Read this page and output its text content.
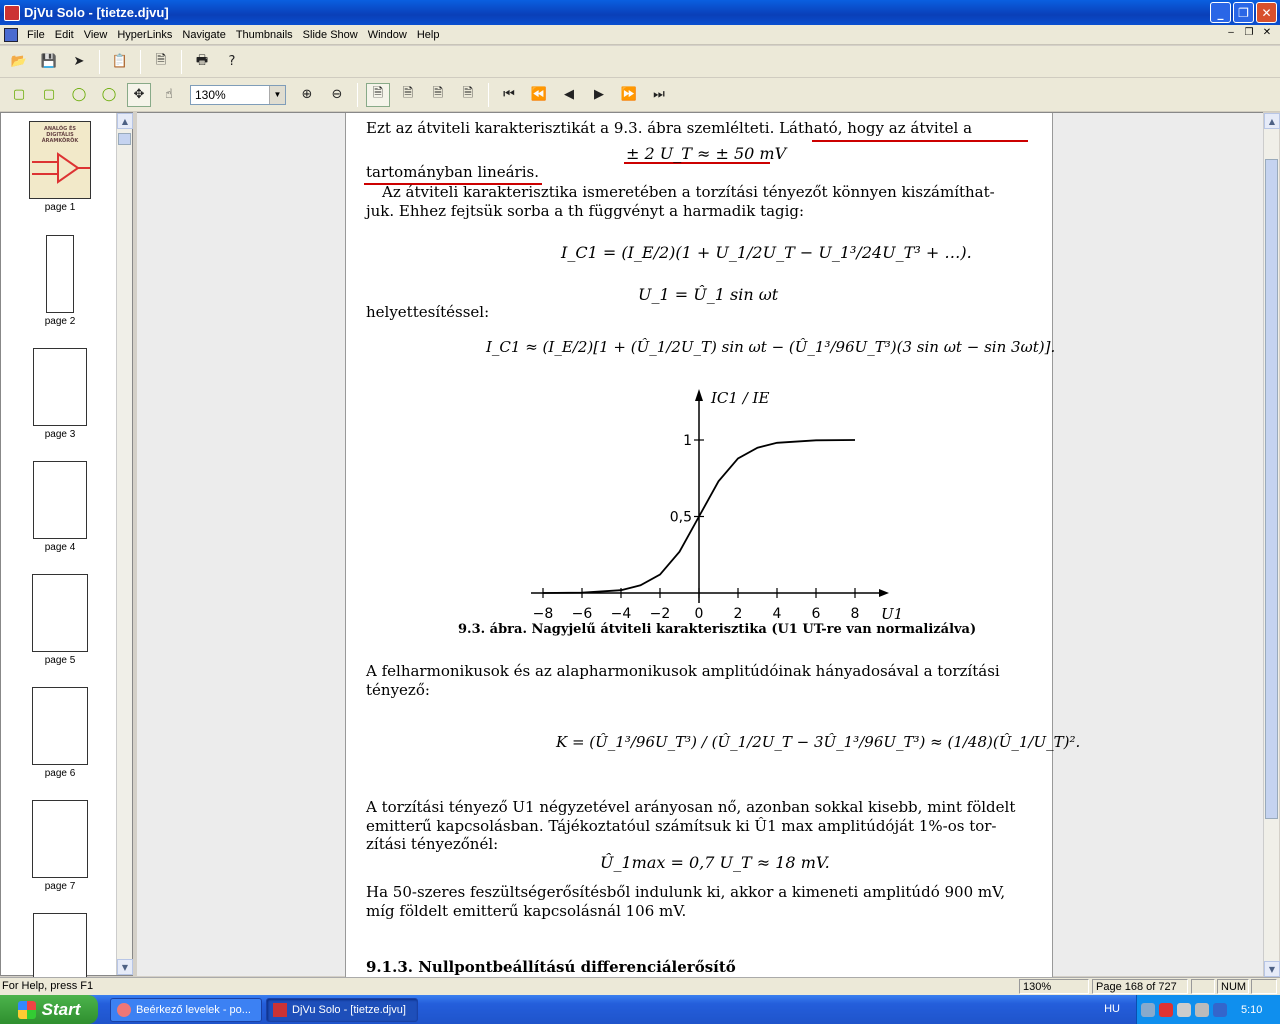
DjVu Solo - [tietze.djvu]	_	❐	✕
File Edit View HyperLinks Navigate Thumbnails Slide Show Window Help	–	❐ ✕
📂	💾	➤	📋	🗎	🖶	?
▢	▢	◯	◯	✥	☝	130%	▼	⊕	⊖	🗎	🗎	🗎	🗎	⏮	⏪	◀	▶	⏩	⏭
ANALÓG ÉS DIGITÁLIS ÁRAMKÖRÖK
page 1
page 2
page 3
page 4
page 5
page 6
page 7
▲
▼
Ezt az átviteli karakterisztikát a 9.3. ábra szemlélteti. Látható, hogy az átvitel a
± 2 U_T ≈ ± 50 mV
tartományban lineáris.
Az átviteli karakterisztika ismeretében a torzítási tényezőt könnyen kiszámíthat-
juk. Ehhez fejtsük sorba a th függvényt a harmadik tagig:
I_C1 = (I_E/2)(1 + U_1/2U_T − U_1³/24U_T³ + …).
U_1 = Û_1 sin ωt
helyettesítéssel:
I_C1 ≈ (I_E/2)[1 + (Û_1/2U_T) sin ωt − (Û_1³/96U_T³)(3 sin ωt − sin 3ωt)].
−8 −6 −4 −2 0 2 4 6 8
0,5
1
U1
IC1 / IE
9.3. ábra. Nagyjelű átviteli karakterisztika (U1 UT-re van normalizálva)
A felharmonikusok és az alapharmonikusok amplitúdóinak hányadosával a torzítási
tényező:
K = (Û_1³/96U_T³) / (Û_1/2U_T − 3Û_1³/96U_T³) ≈ (1/48)(Û_1/U_T)².
A torzítási tényező U1 négyzetével arányosan nő, azonban sokkal kisebb, mint földelt
emitterű kapcsolásban. Tájékoztatóul számítsuk ki Û1 max amplitúdóját 1%-os tor-
zítási tényezőnél:
Û_1max = 0,7 U_T ≈ 18 mV.
Ha 50-szeres feszültségerősítésből indulunk ki, akkor a kimeneti amplitúdó 900 mV,
míg földelt emitterű kapcsolásnál 106 mV.
9.1.3. Nullpontbeállítású differenciálerősítő
▲
▼
For Help, press F1	130%	Page 168 of 727	NUM
Start	Beérkező levelek - po...	DjVu Solo - [tietze.djvu]	HU	5:10
